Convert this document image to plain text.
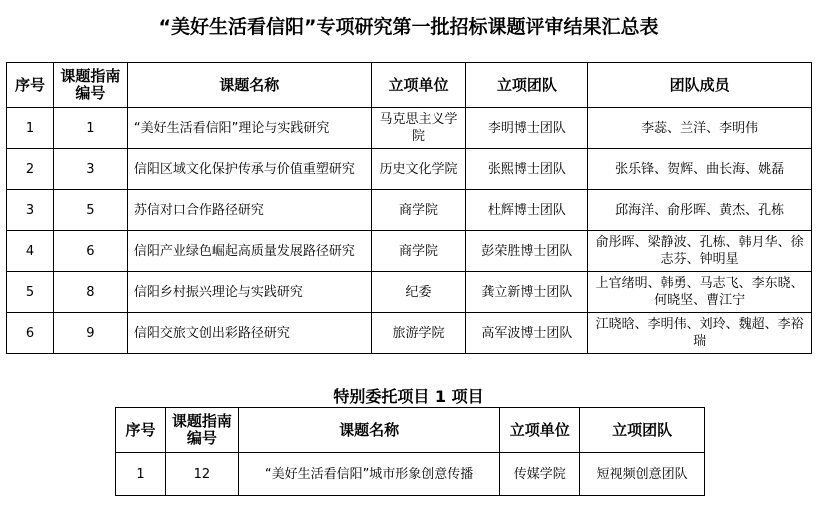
“美好生活看信阳”专项研究第一批招标课题评审结果汇总表
序号	课题指南编号	课题名称	立项单位	立项团队	团队成员
1	1	“美好生活看信阳”理论与实践研究	马克思主义学院	李明博士团队	李蕊、兰洋、李明伟
2	3	信阳区域文化保护传承与价值重塑研究	历史文化学院	张熙博士团队	张乐锋、贺辉、曲长海、姚磊
3	5	苏信对口合作路径研究	商学院	杜辉博士团队	邱海洋、俞彤晖、黄杰、孔栋
4	6	信阳产业绿色崛起高质量发展路径研究	商学院	彭荣胜博士团队	俞彤晖、梁静波、孔栋、韩月华、徐志芬、钟明星
5	8	信阳乡村振兴理论与实践研究	纪委	龚立新博士团队	上官绪明、韩勇、马志飞、李东晓、何晓坚、曹江宁
6	9	信阳交旅文创出彩路径研究	旅游学院	高军波博士团队	江晓晗、李明伟、刘玲、魏超、李裕瑞
特别委托项目 1 项目
序号	课题指南编号	课题名称	立项单位	立项团队
1	12	“美好生活看信阳”城市形象创意传播	传媒学院	短视频创意团队
